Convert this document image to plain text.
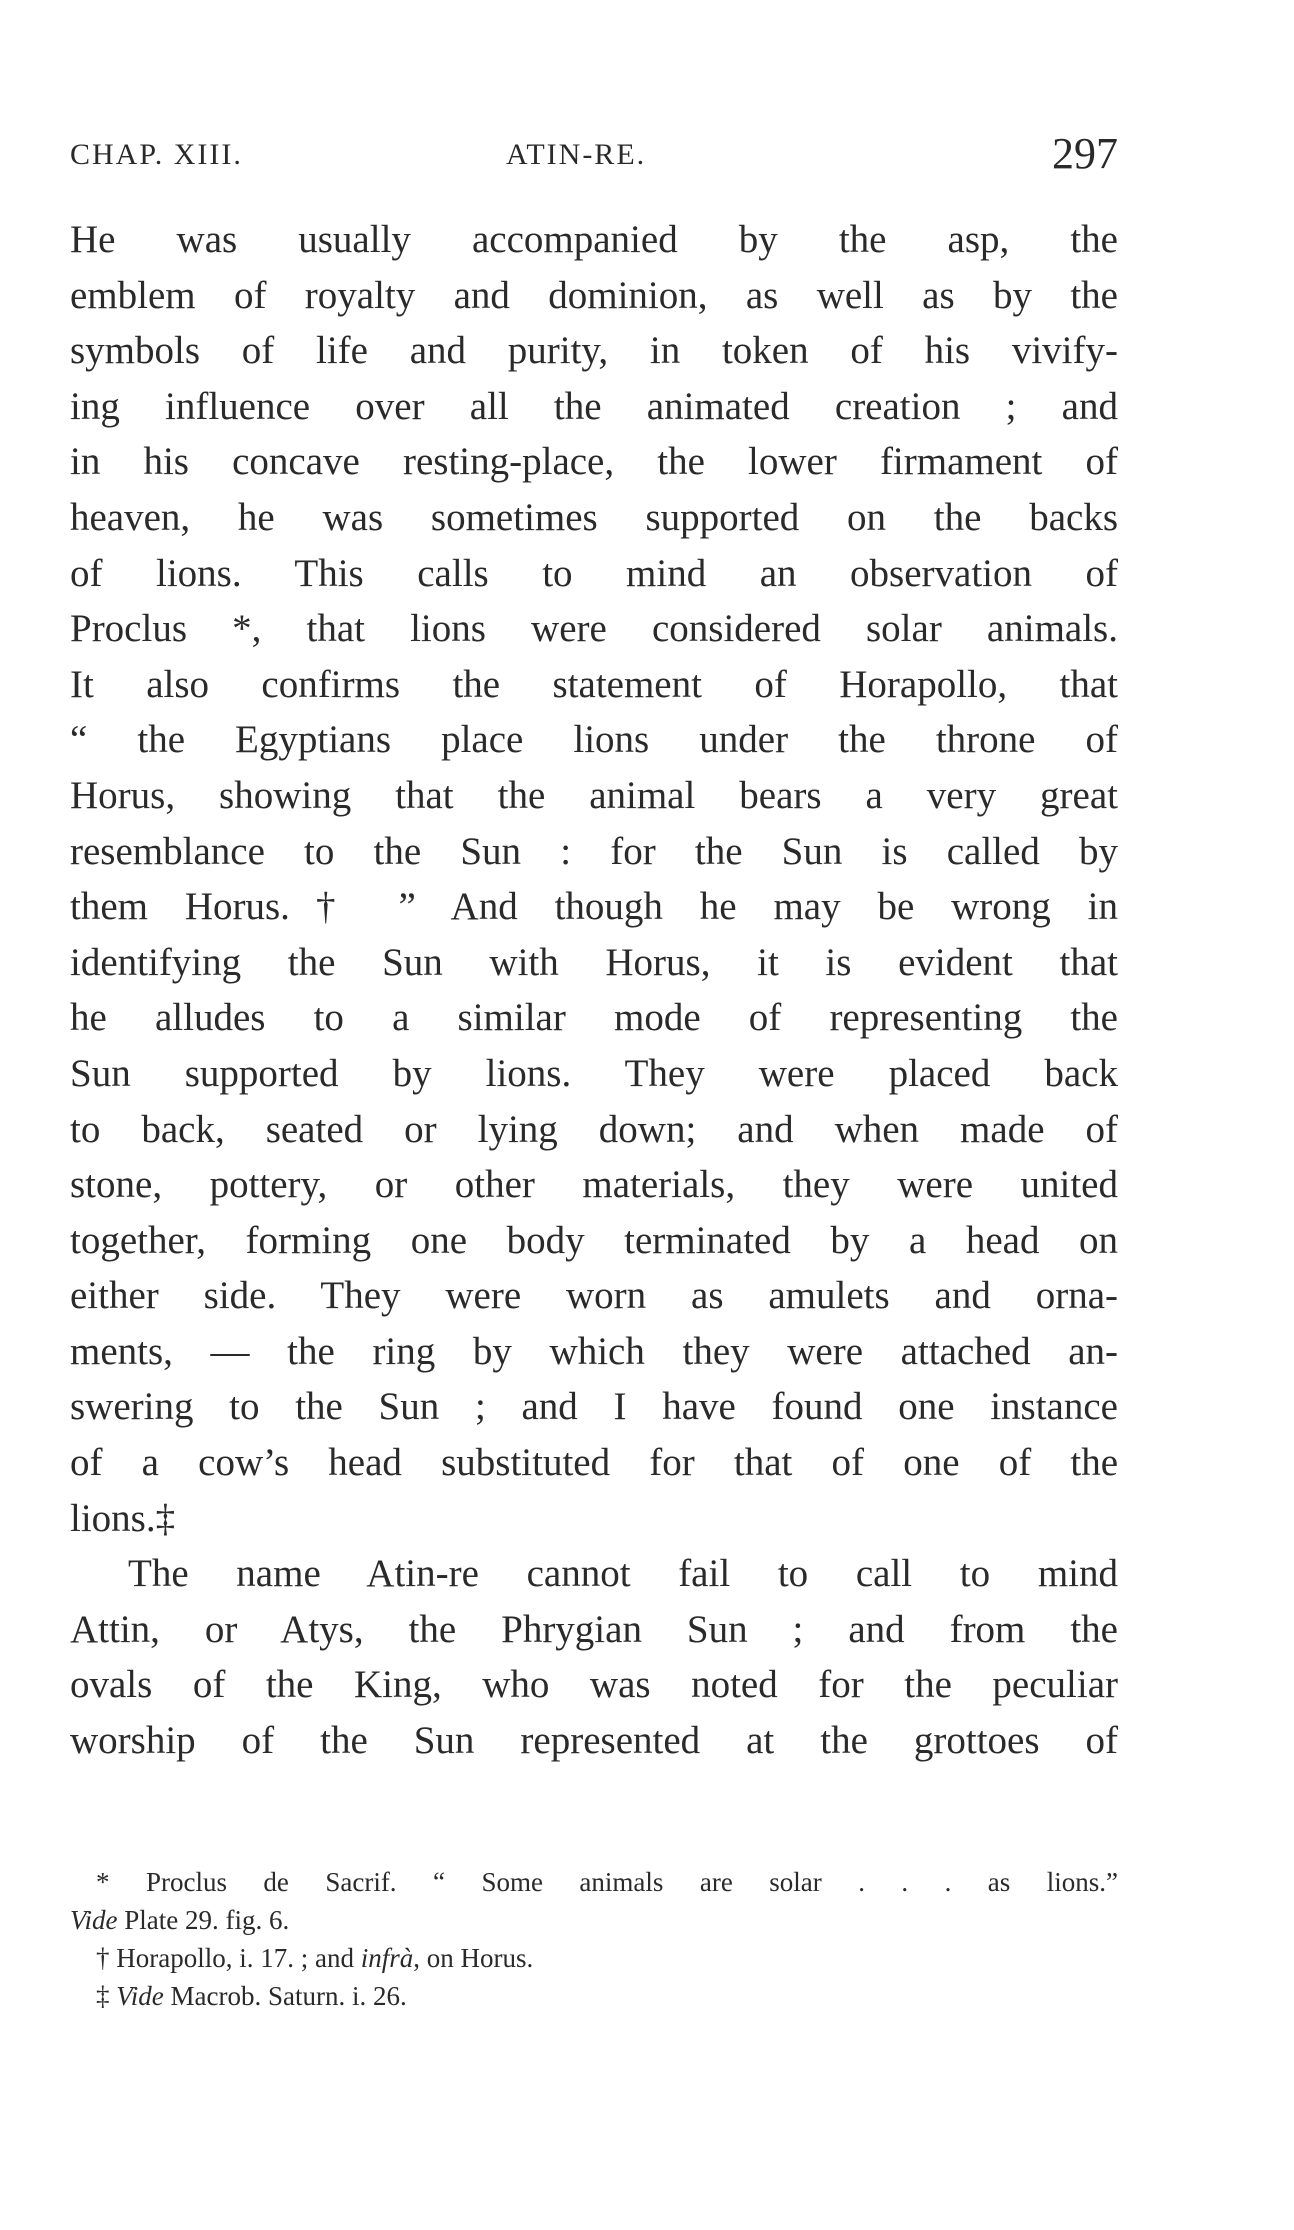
CHAP. XIII.	ATIN-RE.	297
He was usually accompanied by the asp, the
emblem of royalty and dominion, as well as by the
symbols of life and purity, in token of his vivify-
ing influence over all the animated creation ; and
in his concave resting-place, the lower firmament of
heaven, he was sometimes supported on the backs
of lions. This calls to mind an observation of
Proclus *, that lions were considered solar animals.
It also confirms the statement of Horapollo, that
“ the Egyptians place lions under the throne of
Horus, showing that the animal bears a very great
resemblance to the Sun : for the Sun is called by
them Horus.† ” And though he may be wrong in
identifying the Sun with Horus, it is evident that
he alludes to a similar mode of representing the
Sun supported by lions. They were placed back
to back, seated or lying down; and when made of
stone, pottery, or other materials, they were united
together, forming one body terminated by a head on
either side. They were worn as amulets and orna-
ments, — the ring by which they were attached an-
swering to the Sun ; and I have found one instance
of a cow’s head substituted for that of one of the
lions.‡
The name Atin-re cannot fail to call to mind
Attin, or Atys, the Phrygian Sun ; and from the
ovals of the King, who was noted for the peculiar
worship of the Sun represented at the grottoes of
* Proclus de Sacrif. “ Some animals are solar . . . as lions.”
Vide Plate 29. fig. 6.
† Horapollo, i. 17. ; and infrà, on Horus.
‡ Vide Macrob. Saturn. i. 26.
